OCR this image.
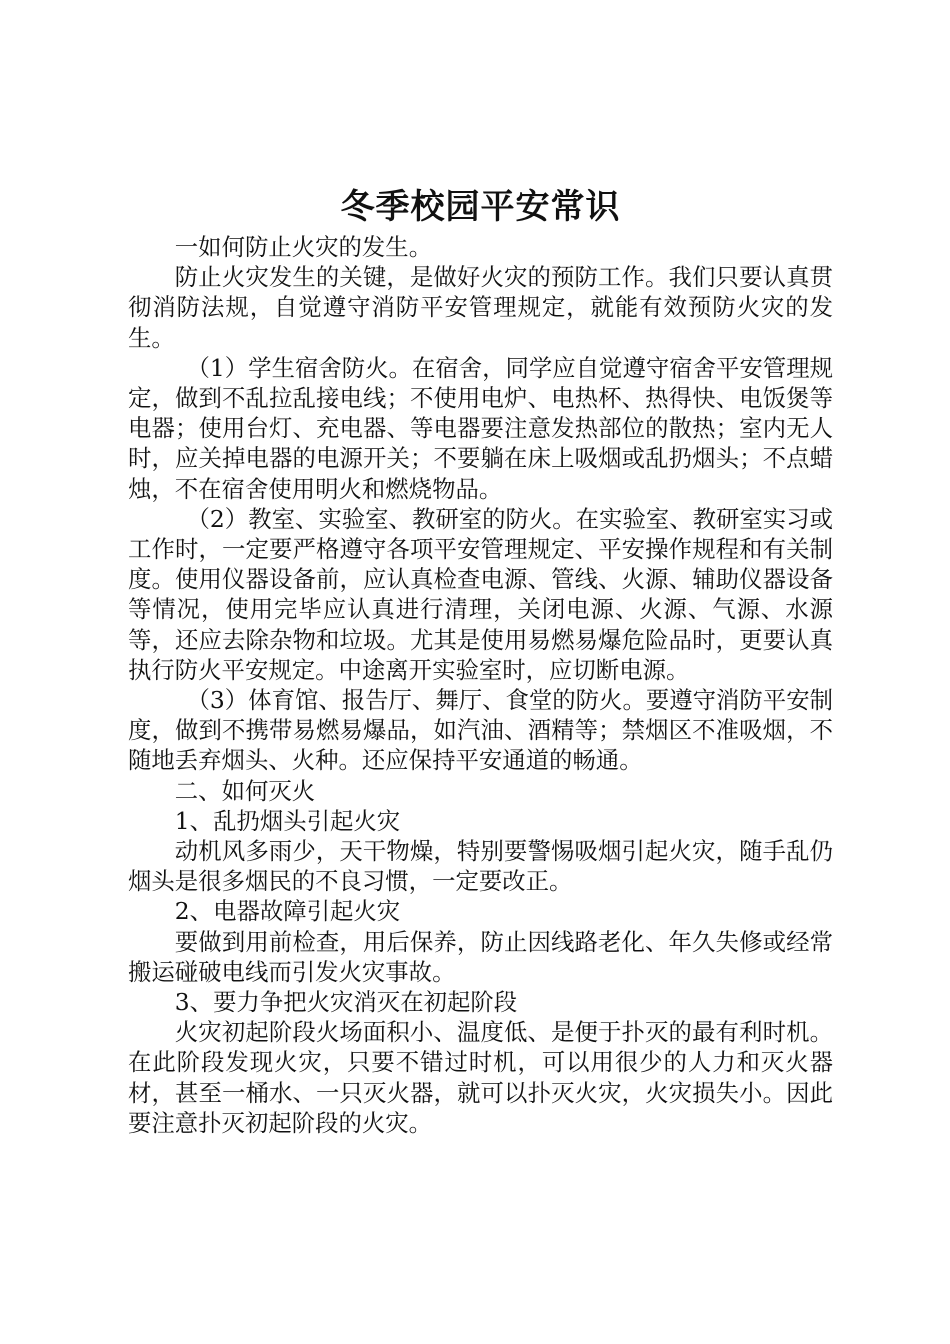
冬季校园平安常识

一如何防止火灾的发生。

防止火灾发生的关键，是做好火灾的预防工作。我们只要认真贯彻消防法规，自觉遵守消防平安管理规定，就能有效预防火灾的发生。

（1）学生宿舍防火。在宿舍，同学应自觉遵守宿舍平安管理规定，做到不乱拉乱接电线；不使用电炉、电热杯、热得快、电饭煲等电器；使用台灯、充电器、等电器要注意发热部位的散热；室内无人时，应关掉电器的电源开关；不要躺在床上吸烟或乱扔烟头；不点蜡烛，不在宿舍使用明火和燃烧物品。

（2）教室、实验室、教研室的防火。在实验室、教研室实习或工作时，一定要严格遵守各项平安管理规定、平安操作规程和有关制度。使用仪器设备前，应认真检查电源、管线、火源、辅助仪器设备等情况，使用完毕应认真进行清理，关闭电源、火源、气源、水源等，还应去除杂物和垃圾。尤其是使用易燃易爆危险品时，更要认真执行防火平安规定。中途离开实验室时，应切断电源。

（3）体育馆、报告厅、舞厅、食堂的防火。要遵守消防平安制度，做到不携带易燃易爆品，如汽油、酒精等；禁烟区不准吸烟，不随地丢弃烟头、火种。还应保持平安通道的畅通。

二、如何灭火

1、乱扔烟头引起火灾

动机风多雨少，天干物燥，特别要警惕吸烟引起火灾，随手乱仍烟头是很多烟民的不良习惯，一定要改正。

2、电器故障引起火灾

要做到用前检查，用后保养，防止因线路老化、年久失修或经常搬运碰破电线而引发火灾事故。

3、要力争把火灾消灭在初起阶段

火灾初起阶段火场面积小、温度低、是便于扑灭的最有利时机。在此阶段发现火灾，只要不错过时机，可以用很少的人力和灭火器材，甚至一桶水、一只灭火器，就可以扑灭火灾，火灾损失小。因此要注意扑灭初起阶段的火灾。
